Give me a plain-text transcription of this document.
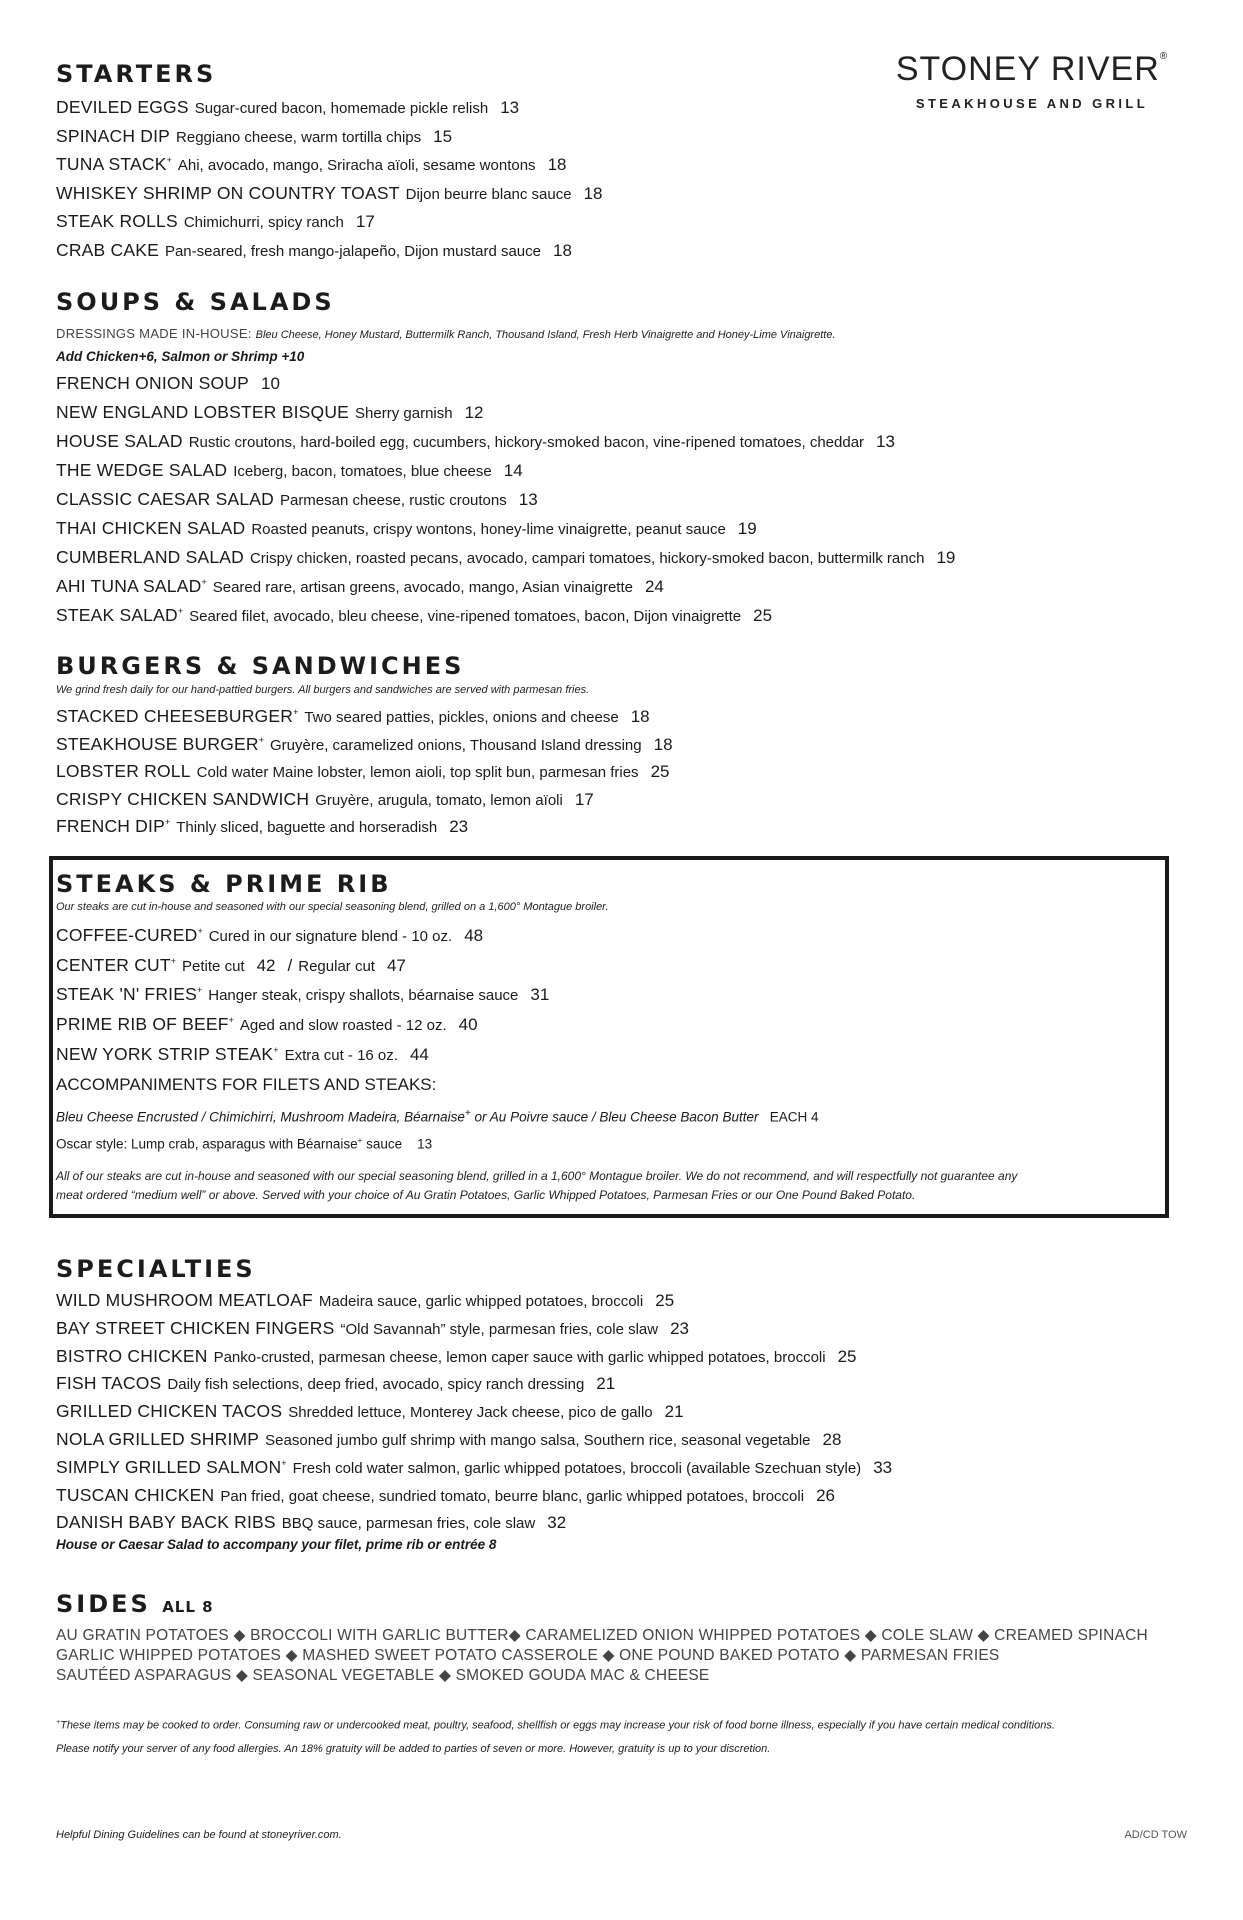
STONEY RIVER®
STEAKHOUSE AND GRILL
STARTERS
DEVILED EGGS Sugar-cured bacon, homemade pickle relish 13
SPINACH DIP Reggiano cheese, warm tortilla chips 15
TUNA STACK+ Ahi, avocado, mango, Sriracha aïoli, sesame wontons 18
WHISKEY SHRIMP ON COUNTRY TOAST Dijon beurre blanc sauce 18
STEAK ROLLS Chimichurri, spicy ranch 17
CRAB CAKE Pan-seared, fresh mango-jalapeño, Dijon mustard sauce 18
SOUPS & SALADS
DRESSINGS MADE IN-HOUSE: Bleu Cheese, Honey Mustard, Buttermilk Ranch, Thousand Island, Fresh Herb Vinaigrette and Honey-Lime Vinaigrette.
Add Chicken+6, Salmon or Shrimp +10
FRENCH ONION SOUP 10
NEW ENGLAND LOBSTER BISQUE Sherry garnish 12
HOUSE SALAD Rustic croutons, hard-boiled egg, cucumbers, hickory-smoked bacon, vine-ripened tomatoes, cheddar 13
THE WEDGE SALAD Iceberg, bacon, tomatoes, blue cheese 14
CLASSIC CAESAR SALAD Parmesan cheese, rustic croutons 13
THAI CHICKEN SALAD Roasted peanuts, crispy wontons, honey-lime vinaigrette, peanut sauce 19
CUMBERLAND SALAD Crispy chicken, roasted pecans, avocado, campari tomatoes, hickory-smoked bacon, buttermilk ranch 19
AHI TUNA SALAD+ Seared rare, artisan greens, avocado, mango, Asian vinaigrette 24
STEAK SALAD+ Seared filet, avocado, bleu cheese, vine-ripened tomatoes, bacon, Dijon vinaigrette 25
BURGERS & SANDWICHES
We grind fresh daily for our hand-pattied burgers. All burgers and sandwiches are served with parmesan fries.
STACKED CHEESEBURGER+ Two seared patties, pickles, onions and cheese 18
STEAKHOUSE BURGER+ Gruyère, caramelized onions, Thousand Island dressing 18
LOBSTER ROLL Cold water Maine lobster, lemon aioli, top split bun, parmesan fries 25
CRISPY CHICKEN SANDWICH Gruyère, arugula, tomato, lemon aïoli 17
FRENCH DIP+ Thinly sliced, baguette and horseradish 23
STEAKS & PRIME RIB
Our steaks are cut in-house and seasoned with our special seasoning blend, grilled on a 1,600° Montague broiler.
COFFEE-CURED+ Cured in our signature blend - 10 oz. 48
CENTER CUT+ Petite cut 42 / Regular cut 47
STEAK 'N' FRIES+ Hanger steak, crispy shallots, béarnaise sauce 31
PRIME RIB OF BEEF+ Aged and slow roasted - 12 oz. 40
NEW YORK STRIP STEAK+ Extra cut - 16 oz. 44
ACCOMPANIMENTS FOR FILETS AND STEAKS:
Bleu Cheese Encrusted / Chimichirri, Mushroom Madeira, Béarnaise+ or Au Poivre sauce / Bleu Cheese Bacon Butter EACH 4
Oscar style: Lump crab, asparagus with Béarnaise+ sauce 13
All of our steaks are cut in-house and seasoned with our special seasoning blend, grilled in a 1,600° Montague broiler. We do not recommend, and will respectfully not guarantee any
meat ordered “medium well” or above. Served with your choice of Au Gratin Potatoes, Garlic Whipped Potatoes, Parmesan Fries or our One Pound Baked Potato.
SPECIALTIES
WILD MUSHROOM MEATLOAF Madeira sauce, garlic whipped potatoes, broccoli 25
BAY STREET CHICKEN FINGERS “Old Savannah” style, parmesan fries, cole slaw 23
BISTRO CHICKEN Panko-crusted, parmesan cheese, lemon caper sauce with garlic whipped potatoes, broccoli 25
FISH TACOS Daily fish selections, deep fried, avocado, spicy ranch dressing 21
GRILLED CHICKEN TACOS Shredded lettuce, Monterey Jack cheese, pico de gallo 21
NOLA GRILLED SHRIMP Seasoned jumbo gulf shrimp with mango salsa, Southern rice, seasonal vegetable 28
SIMPLY GRILLED SALMON+ Fresh cold water salmon, garlic whipped potatoes, broccoli (available Szechuan style) 33
TUSCAN CHICKEN Pan fried, goat cheese, sundried tomato, beurre blanc, garlic whipped potatoes, broccoli 26
DANISH BABY BACK RIBS BBQ sauce, parmesan fries, cole slaw 32
House or Caesar Salad to accompany your filet, prime rib or entrée 8
SIDES ALL 8
AU GRATIN POTATOES ◆ BROCCOLI WITH GARLIC BUTTER◆ CARAMELIZED ONION WHIPPED POTATOES ◆ COLE SLAW ◆ CREAMED SPINACH
GARLIC WHIPPED POTATOES ◆ MASHED SWEET POTATO CASSEROLE ◆ ONE POUND BAKED POTATO ◆ PARMESAN FRIES
SAUTÉED ASPARAGUS ◆ SEASONAL VEGETABLE ◆ SMOKED GOUDA MAC & CHEESE
+These items may be cooked to order. Consuming raw or undercooked meat, poultry, seafood, shellfish or eggs may increase your risk of food borne illness, especially if you have certain medical conditions.
Please notify your server of any food allergies. An 18% gratuity will be added to parties of seven or more. However, gratuity is up to your discretion.
Helpful Dining Guidelines can be found at stoneyriver.com.	AD/CD TOW
